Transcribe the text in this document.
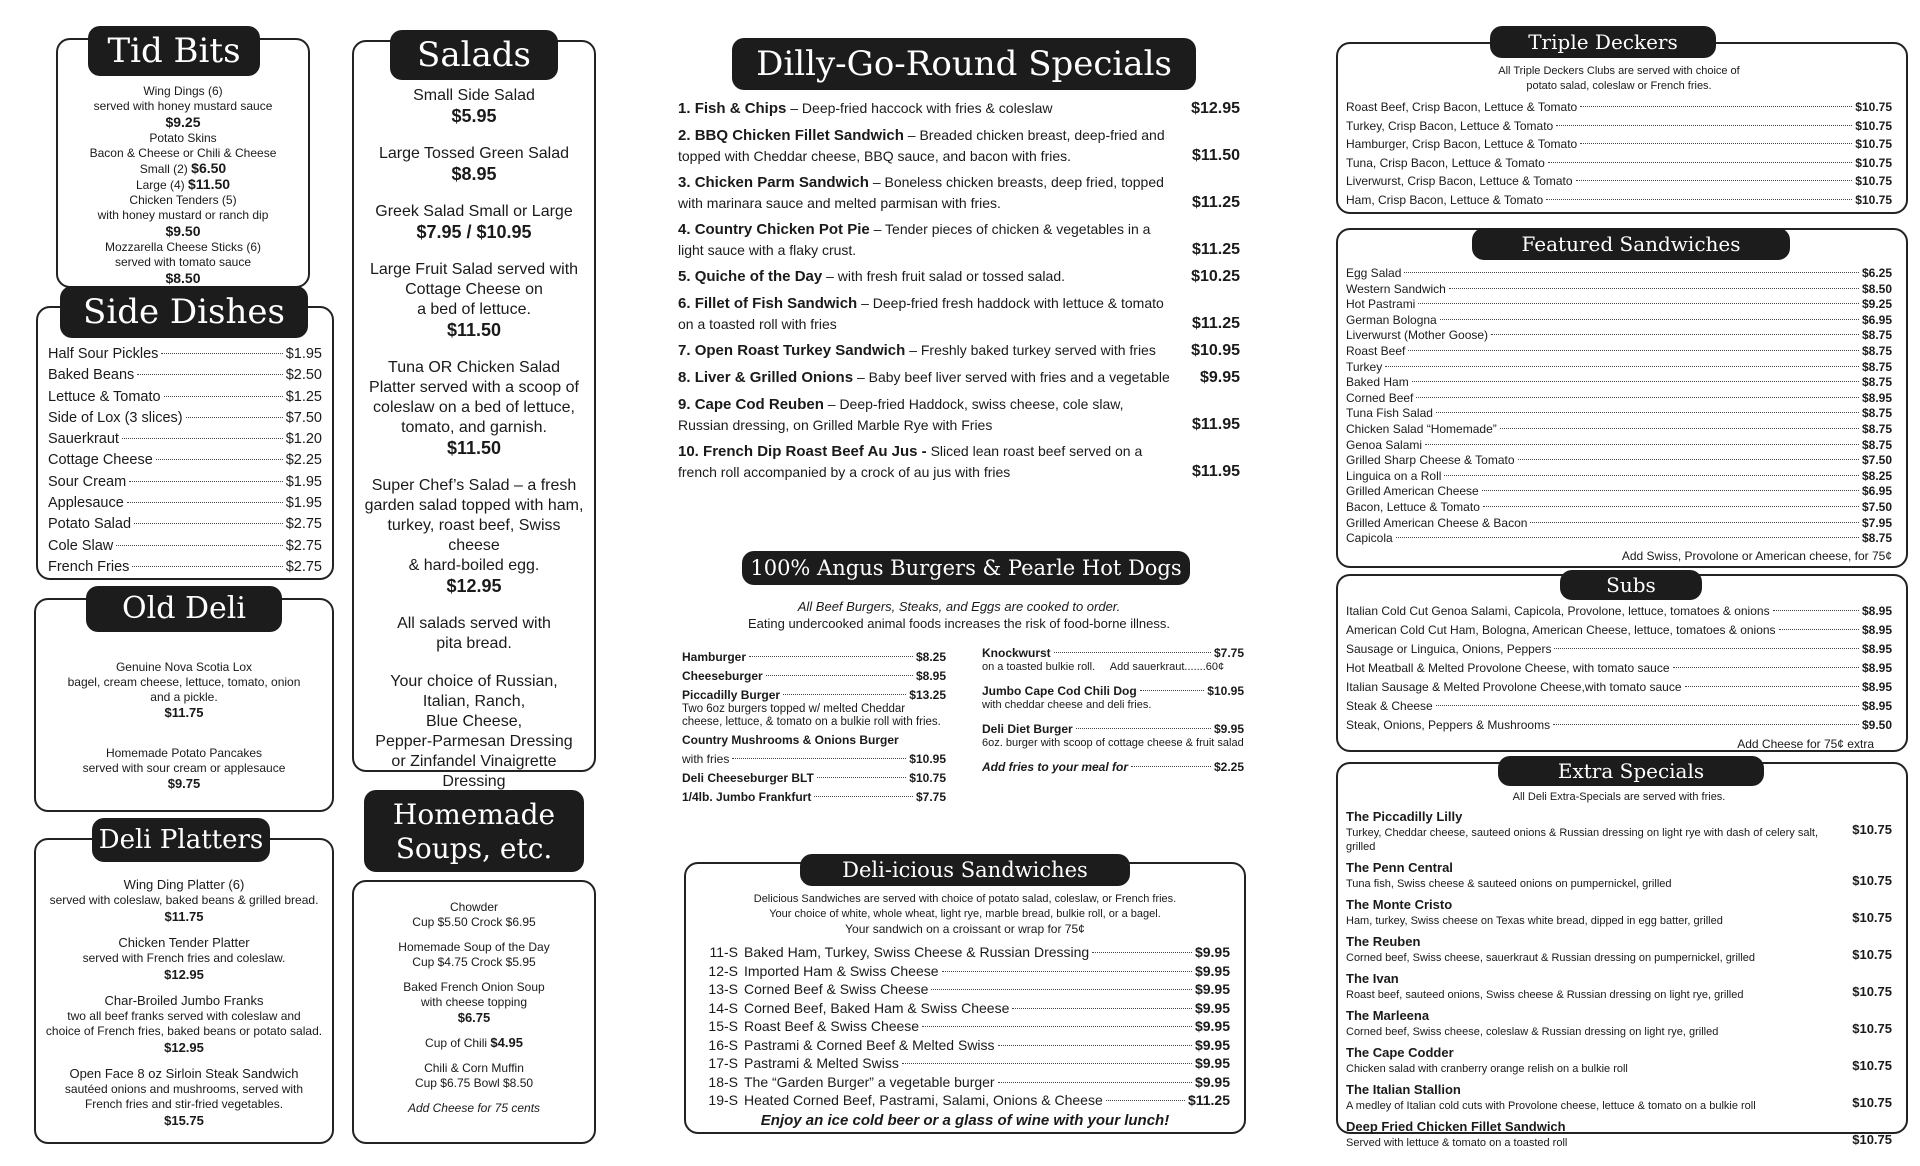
Tid Bits
Wing Dings (6)
served with honey mustard sauce
$9.25
Potato Skins
Bacon & Cheese or Chili & Cheese
Small (2) $6.50
Large (4) $11.50
Chicken Tenders (5)
with honey mustard or ranch dip
$9.50
Mozzarella Cheese Sticks (6)
served with tomato sauce
$8.50
Side Dishes
Half Sour Pickles	$1.95
Baked Beans	$2.50
Lettuce & Tomato	$1.25
Side of Lox (3 slices)	$7.50
Sauerkraut	$1.20
Cottage Cheese	$2.25
Sour Cream	$1.95
Applesauce	$1.95
Potato Salad	$2.75
Cole Slaw	$2.75
French Fries	$2.75
Old Deli
Genuine Nova Scotia Lox
bagel, cream cheese, lettuce, tomato, onion
and a pickle.
$11.75
Homemade Potato Pancakes
served with sour cream or applesauce
$9.75
Deli Platters
Wing Ding Platter (6)
served with coleslaw, baked beans & grilled bread.
$11.75
Chicken Tender Platter
served with French fries and coleslaw.
$12.95
Char-Broiled Jumbo Franks
two all beef franks served with coleslaw and
choice of French fries, baked beans or potato salad.
$12.95
Open Face 8 oz Sirloin Steak Sandwich
sautéed onions and mushrooms, served with
French fries and stir-fried vegetables.
$15.75
Salads
Small Side Salad
$5.95
Large Tossed Green Salad
$8.95
Greek Salad Small or Large
$7.95 / $10.95
Large Fruit Salad served with
Cottage Cheese on
a bed of lettuce.
$11.50
Tuna OR Chicken Salad
Platter served with a scoop of
coleslaw on a bed of lettuce,
tomato, and garnish.
$11.50
Super Chef’s Salad – a fresh
garden salad topped with ham,
turkey, roast beef, Swiss cheese
& hard-boiled egg.
$12.95
All salads served with
pita bread.
Your choice of Russian,
Italian, Ranch,
Blue Cheese,
Pepper-Parmesan Dressing
or Zinfandel Vinaigrette
Dressing
Homemade
Soups, etc.
Chowder
Cup $5.50 Crock $6.95
Homemade Soup of the Day
Cup $4.75 Crock $5.95
Baked French Onion Soup
with cheese topping
$6.75
Cup of Chili $4.95
Chili & Corn Muffin
Cup $6.75 Bowl $8.50
Add Cheese for 75 cents
Dilly-Go-Round Specials
1. Fish & Chips – Deep-fried haccock with fries & coleslaw	$12.95
2. BBQ Chicken Fillet Sandwich – Breaded chicken breast, deep-fried and topped with Cheddar cheese, BBQ sauce, and bacon with fries.	$11.50
3. Chicken Parm Sandwich – Boneless chicken breasts, deep fried, topped with marinara sauce and melted parmisan with fries.	$11.25
4. Country Chicken Pot Pie – Tender pieces of chicken & vegetables in a light sauce with a flaky crust.	$11.25
5. Quiche of the Day – with fresh fruit salad or tossed salad.	$10.25
6. Fillet of Fish Sandwich – Deep-fried fresh haddock with lettuce & tomato on a toasted roll with fries	$11.25
7. Open Roast Turkey Sandwich – Freshly baked turkey served with fries $10.95
8. Liver & Grilled Onions – Baby beef liver served with fries and a vegetable $9.95
9. Cape Cod Reuben – Deep-fried Haddock, swiss cheese, cole slaw, Russian dressing, on Grilled Marble Rye with Fries	$11.95
10. French Dip Roast Beef Au Jus - Sliced lean roast beef served on a french roll accompanied by a crock of au jus with fries	$11.95
100% Angus Burgers & Pearle Hot Dogs
All Beef Burgers, Steaks, and Eggs are cooked to order.
Eating undercooked animal foods increases the risk of food-borne illness.
Hamburger	$8.25
Cheeseburger	$8.95
Piccadilly Burger	$13.25
Two 6oz burgers topped w/ melted Cheddar cheese, lettuce, & tomato on a bulkie roll with fries.
Country Mushrooms & Onions Burger
with fries	$10.95
Deli Cheeseburger BLT	$10.75
1/4lb. Jumbo Frankfurt	$7.75
Knockwurst	$7.75
on a toasted bulkie roll.     Add sauerkraut.......60¢
Jumbo Cape Cod Chili Dog	$10.95
with cheddar cheese and deli fries.
Deli Diet Burger	$9.95
6oz. burger with scoop of cottage cheese & fruit salad
Add fries to your meal for	$2.25
Deli-icious Sandwiches
Delicious Sandwiches are served with choice of potato salad, coleslaw, or French fries.
Your choice of white, whole wheat, light rye, marble bread, bulkie roll, or a bagel.
Your sandwich on a croissant or wrap for 75¢
11-S Baked Ham, Turkey, Swiss Cheese & Russian Dressing	$9.95
12-S Imported Ham & Swiss Cheese	$9.95
13-S Corned Beef & Swiss Cheese	$9.95
14-S Corned Beef, Baked Ham & Swiss Cheese	$9.95
15-S Roast Beef & Swiss Cheese	$9.95
16-S Pastrami & Corned Beef & Melted Swiss	$9.95
17-S Pastrami & Melted Swiss	$9.95
18-S The “Garden Burger” a vegetable burger	$9.95
19-S Heated Corned Beef, Pastrami, Salami, Onions & Cheese	$11.25
Enjoy an ice cold beer or a glass of wine with your lunch!
Triple Deckers
All Triple Deckers Clubs are served with choice of
potato salad, coleslaw or French fries.
Roast Beef, Crisp Bacon, Lettuce & Tomato	$10.75
Turkey, Crisp Bacon, Lettuce & Tomato	$10.75
Hamburger, Crisp Bacon, Lettuce & Tomato	$10.75
Tuna, Crisp Bacon, Lettuce & Tomato	$10.75
Liverwurst, Crisp Bacon, Lettuce & Tomato	$10.75
Ham, Crisp Bacon, Lettuce & Tomato	$10.75
Featured Sandwiches
Egg Salad	$6.25
Western Sandwich	$8.50
Hot Pastrami	$9.25
German Bologna	$6.95
Liverwurst (Mother Goose)	$8.75
Roast Beef	$8.75
Turkey	$8.75
Baked Ham	$8.75
Corned Beef	$8.95
Tuna Fish Salad	$8.75
Chicken Salad “Homemade”	$8.75
Genoa Salami	$8.75
Grilled Sharp Cheese & Tomato	$7.50
Linguica on a Roll	$8.25
Grilled American Cheese	$6.95
Bacon, Lettuce & Tomato	$7.50
Grilled American Cheese & Bacon	$7.95
Capicola	$8.75
Add Swiss, Provolone or American cheese, for 75¢
Subs
Italian Cold Cut Genoa Salami, Capicola, Provolone, lettuce, tomatoes & onions	$8.95
American Cold Cut Ham, Bologna, American Cheese, lettuce, tomatoes & onions	$8.95
Sausage or Linguica, Onions, Peppers	$8.95
Hot Meatball & Melted Provolone Cheese, with tomato sauce	$8.95
Italian Sausage & Melted Provolone Cheese,with tomato sauce	$8.95
Steak & Cheese	$8.95
Steak, Onions, Peppers & Mushrooms	$9.50
Add Cheese for 75¢ extra
Extra Specials
All Deli Extra-Specials are served with fries.
The Piccadilly Lilly
Turkey, Cheddar cheese, sauteed onions & Russian dressing on light rye with dash of celery salt, grilled
$10.75
The Penn Central
Tuna fish, Swiss cheese & sauteed onions on pumpernickel, grilled	$10.75
The Monte Cristo
Ham, turkey, Swiss cheese on Texas white bread, dipped in egg batter, grilled	$10.75
The Reuben
Corned beef, Swiss cheese, sauerkraut & Russian dressing on pumpernickel, grilled	$10.75
The Ivan
Roast beef, sauteed onions, Swiss cheese & Russian dressing on light rye, grilled	$10.75
The Marleena
Corned beef, Swiss cheese, coleslaw & Russian dressing on light rye, grilled	$10.75
The Cape Codder
Chicken salad with cranberry orange relish on a bulkie roll	$10.75
The Italian Stallion
A medley of Italian cold cuts with Provolone cheese, lettuce & tomato on a bulkie roll	$10.75
Deep Fried Chicken Fillet Sandwich
Served with lettuce & tomato on a toasted roll	$10.75
